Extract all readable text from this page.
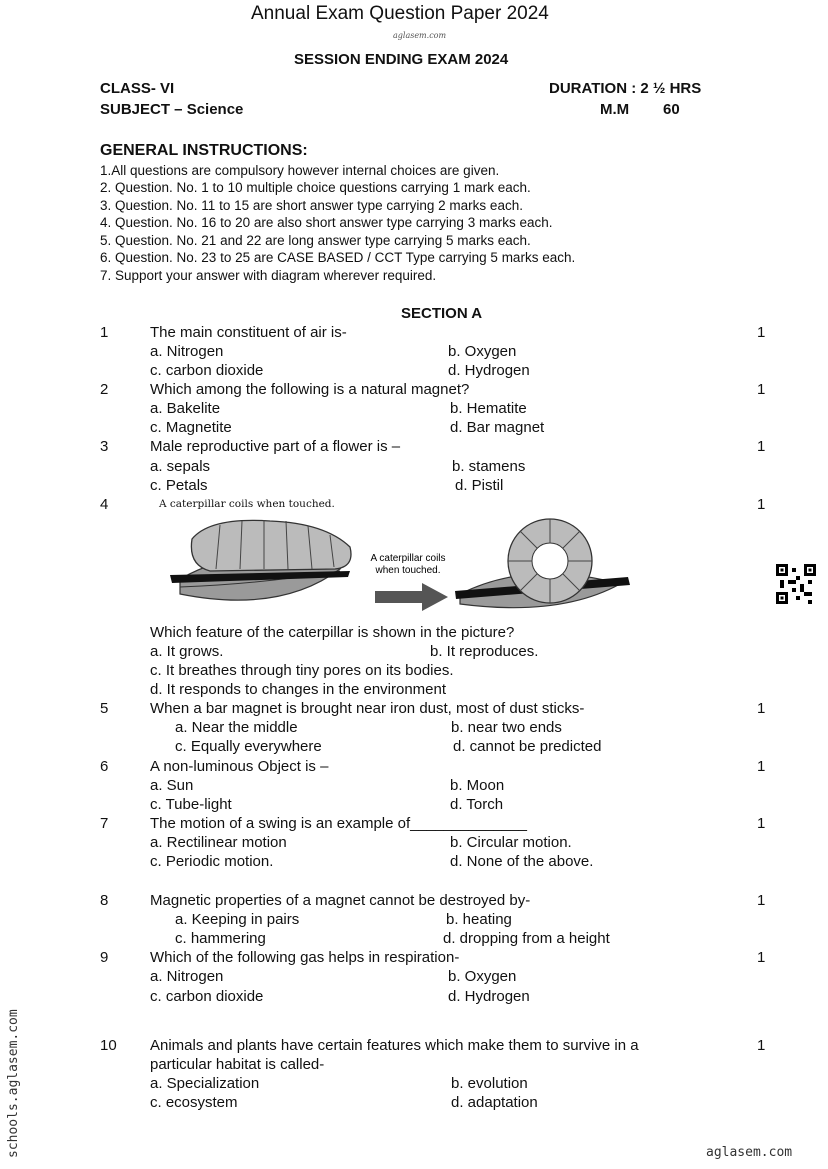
Annual Exam Question Paper 2024
aglasem.com
SESSION ENDING EXAM 2024
CLASS- VI	DURATION : 2 ½ HRS
SUBJECT – Science	M.M 60
GENERAL INSTRUCTIONS:
1.All questions are compulsory however internal choices are given.
2. Question. No. 1 to 10 multiple choice questions carrying 1 mark each.
3. Question. No. 11 to 15 are short answer type carrying 2 marks each.
4. Question. No. 16 to 20 are also short answer type carrying 3 marks each.
5. Question. No. 21 and 22 are long answer type carrying 5 marks each.
6. Question. No. 23 to 25 are CASE BASED / CCT Type carrying 5 marks each.
7. Support your answer with diagram wherever required.
SECTION A
1	The main constituent of air is-	1
a. Nitrogen	b. Oxygen
c. carbon dioxide	d. Hydrogen
2	Which among the following is a natural magnet?	1
a. Bakelite	b. Hematite
c. Magnetite	d. Bar magnet
3	Male reproductive part of a flower is –	1
a. sepals	b. stamens
c. Petals	d. Pistil
4	1
A caterpillar coils when touched.
A caterpillar coils
when touched.
Which feature of the caterpillar is shown in the picture?
a. It grows.	b. It reproduces.
c. It breathes through tiny pores on its bodies.
d. It responds to changes in the environment
5	When a bar magnet is brought near iron dust, most of dust sticks-	1
a. Near the middle	b. near two ends
c. Equally everywhere	d. cannot be predicted
6	A non-luminous Object is –	1
a. Sun	b. Moon
c. Tube-light	d. Torch
7	The motion of a swing is an example of______________	1
a. Rectilinear motion	b. Circular motion.
c. Periodic motion.	d. None of the above.
8	Magnetic properties of a magnet cannot be destroyed by-	1
a. Keeping in pairs	b. heating
c. hammering	d. dropping from a height
9	Which of the following gas helps in respiration-	1
a. Nitrogen	b. Oxygen
c. carbon dioxide	d. Hydrogen
10 Animals and plants have certain features which make them to survive in a	1
particular habitat is called-
a. Specialization	b. evolution
c. ecosystem	d. adaptation
schools.aglasem.com	aglasem.com
